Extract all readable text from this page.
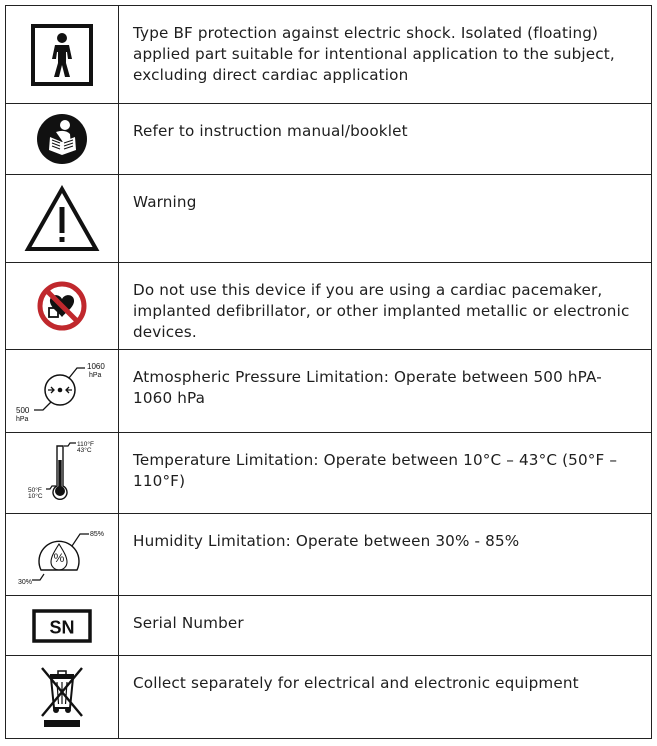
	Type BF protection against electric shock. Isolated (floating) applied part suitable for intentional application to the subject, excluding direct cardiac application

	Refer to instruction manual/booklet

	Warning

	Do not use this device if you are using a cardiac pacemaker, implanted defibrillator, or other implanted metallic or electronic devices.

1060
hPa
500
hPa	Atmospheric Pressure Limitation: Operate between 500 hPA- 1060 hPa

110°F
43°C
50°F
10°C	Temperature Limitation: Operate between 10°C – 43°C (50°F – 110°F)

%
85%
30%	Humidity Limitation: Operate between 30% - 85%

SN	Serial Number

	Collect separately for electrical and electronic equipment
